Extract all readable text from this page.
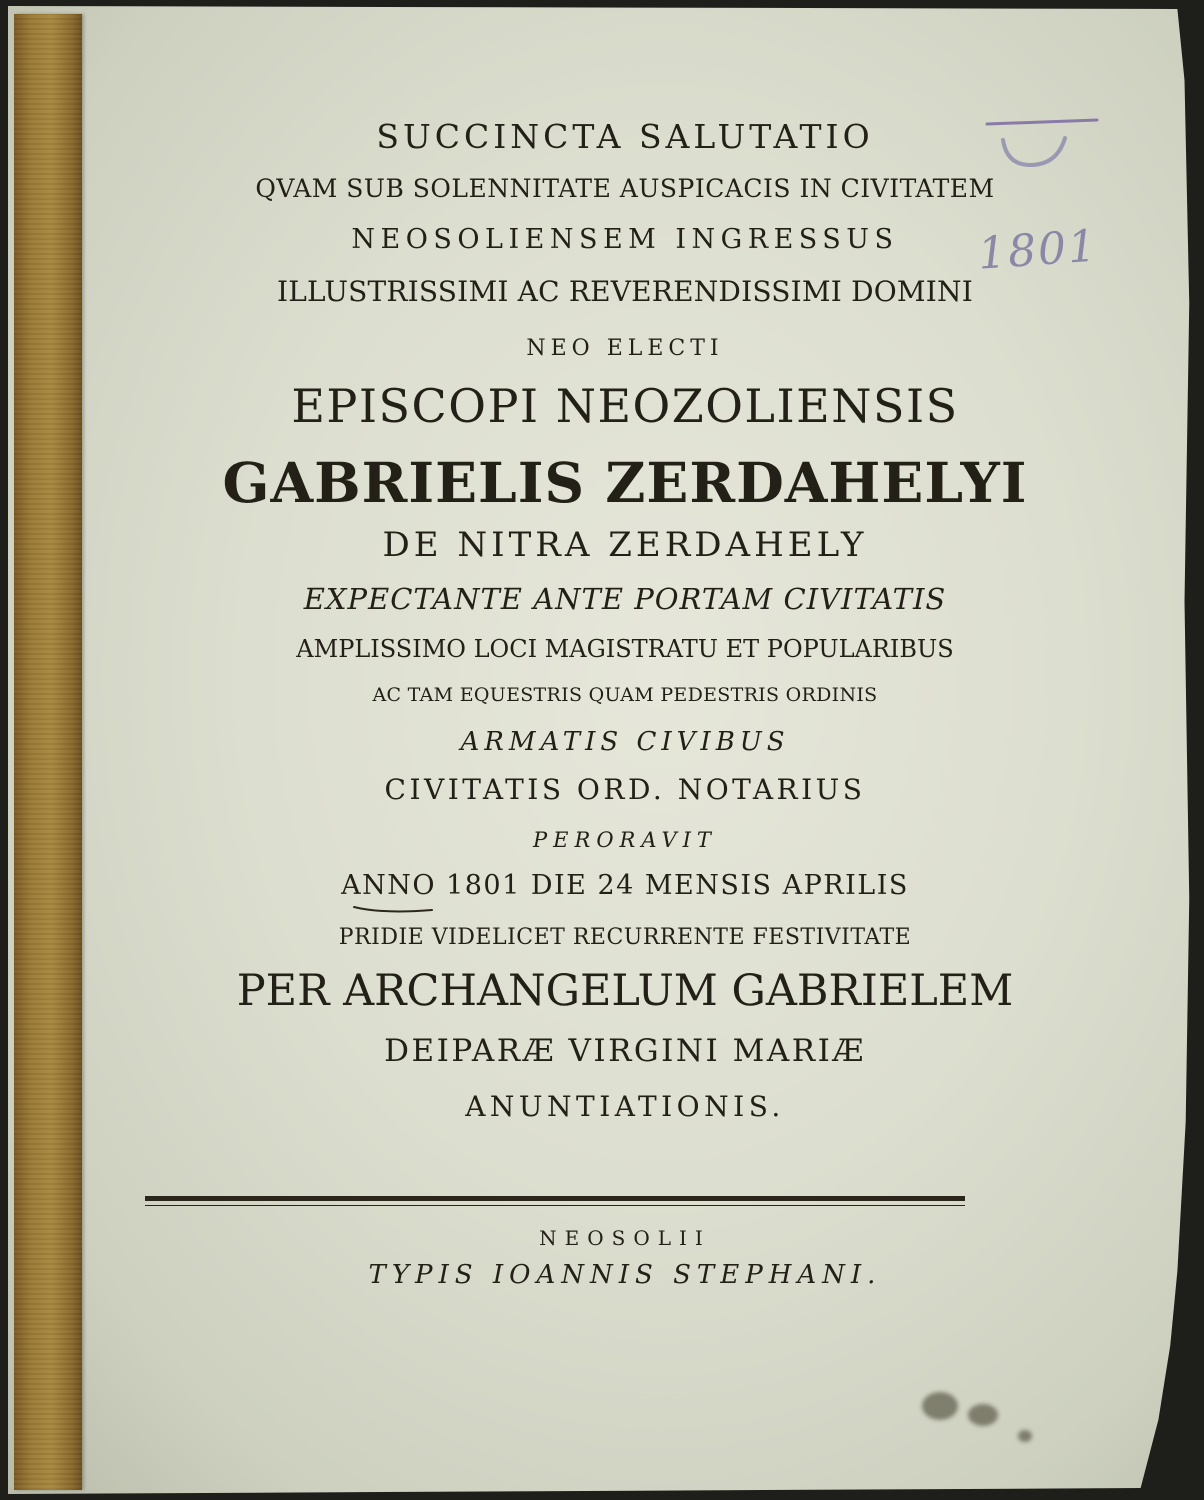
1801
SUCCINCTA SALUTATIO
QVAM SUB SOLENNITATE AUSPICACIS IN CIVITATEM
NEOSOLIENSEM INGRESSUS
ILLUSTRISSIMI AC REVERENDISSIMI DOMINI
NEO ELECTI
EPISCOPI NEOZOLIENSIS
GABRIELIS ZERDAHELYI
DE NITRA ZERDAHELY
EXPECTANTE ANTE PORTAM CIVITATIS
AMPLISSIMO LOCI MAGISTRATU ET POPULARIBUS
AC TAM EQUESTRIS QUAM PEDESTRIS ORDINIS
ARMATIS CIVIBUS
CIVITATIS ORD. NOTARIUS
PERORAVIT
ANNO 1801 DIE 24 MENSIS APRILIS
PRIDIE VIDELICET RECURRENTE FESTIVITATE
PER ARCHANGELUM GABRIELEM
DEIPARÆ VIRGINI MARIÆ
ANUNTIATIONIS.
NEOSOLII
TYPIS IOANNIS STEPHANI.
